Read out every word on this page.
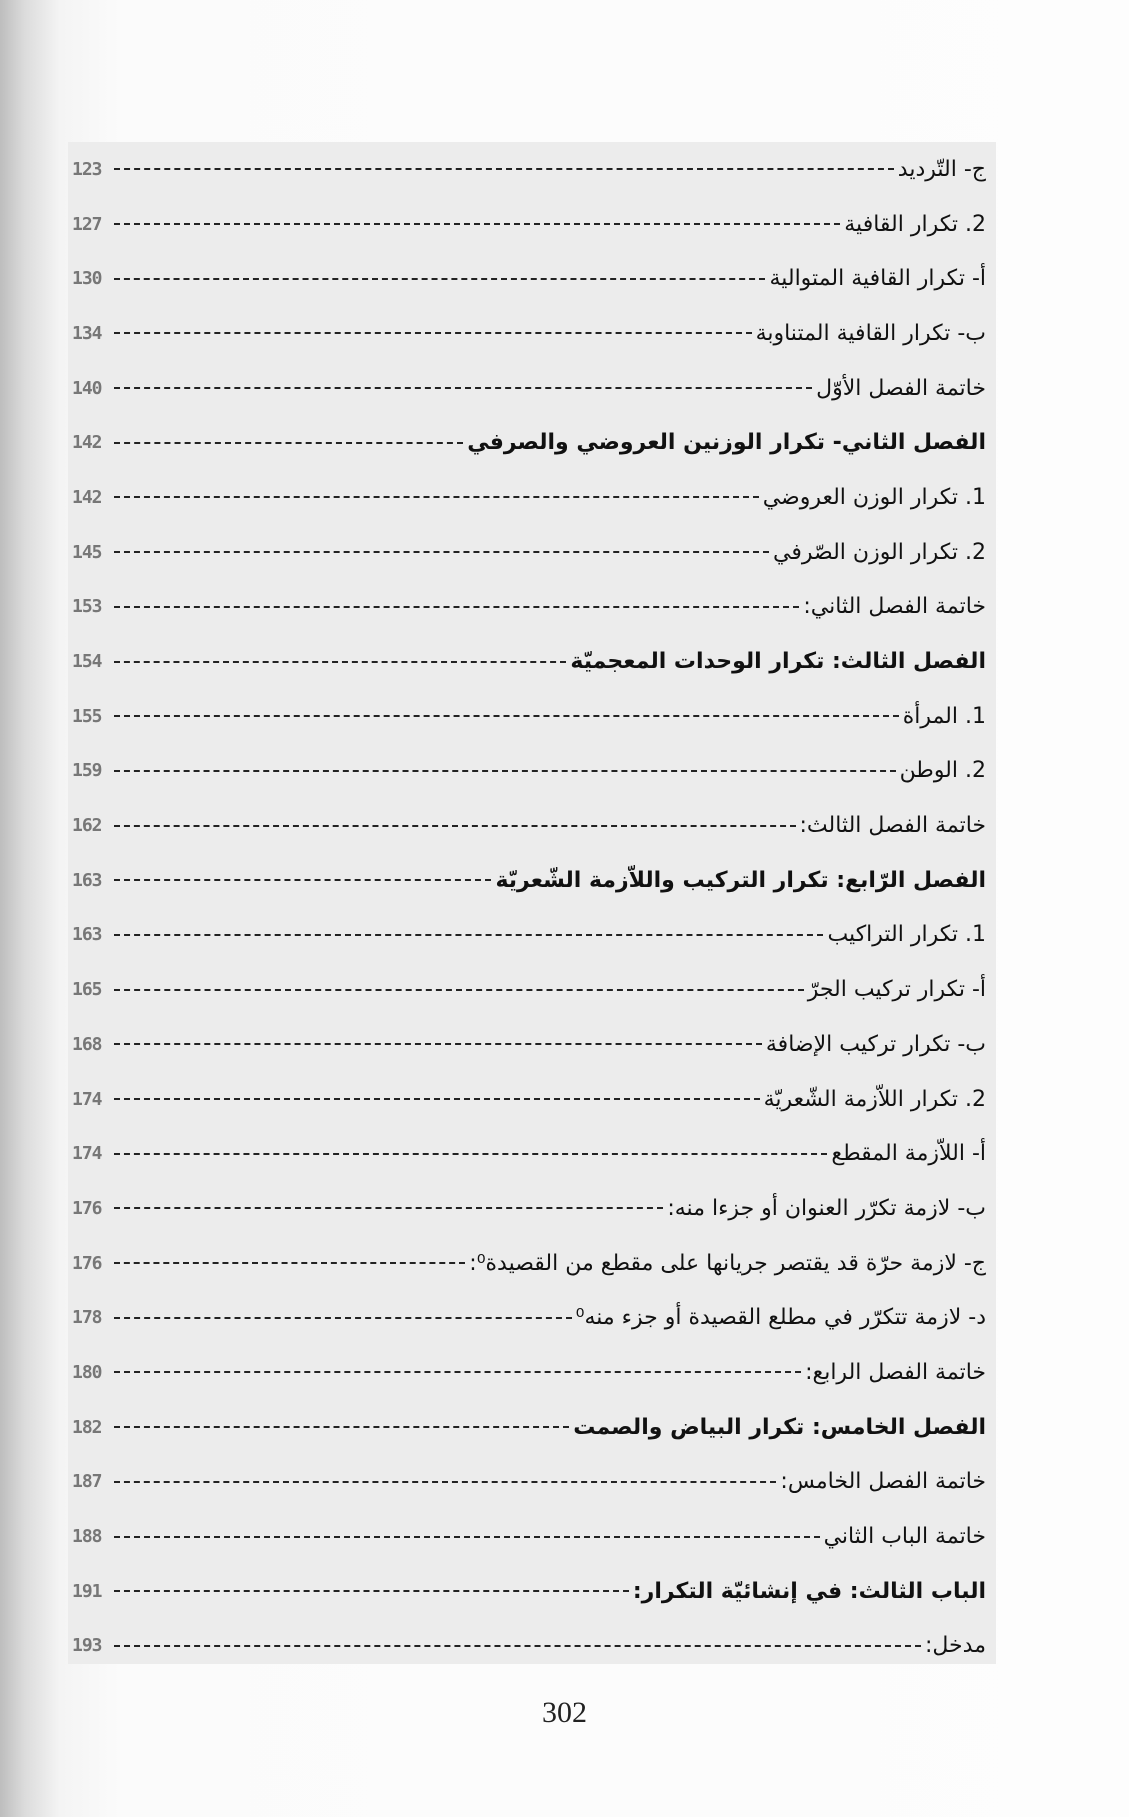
ج- التّرديد
123
2. تكرار القافية
127
أ- تكرار القافية المتوالية
130
ب- تكرار القافية المتناوبة
134
خاتمة الفصل الأوّل
140
الفصل الثاني- تكرار الوزنين العروضي والصرفي
142
1. تكرار الوزن العروضي
142
2. تكرار الوزن الصّرفي
145
خاتمة الفصل الثاني:
153
الفصل الثالث: تكرار الوحدات المعجميّة
154
1. المرأة
155
2. الوطن
159
خاتمة الفصل الثالث:
162
الفصل الرّابع: تكرار التركيب واللاّزمة الشّعريّة
163
1. تكرار التراكيب
163
أ- تكرار تركيب الجرّ
165
ب- تكرار تركيب الإضافة
168
2. تكرار اللاّزمة الشّعريّة
174
أ- اللاّزمة المقطع
174
ب- لازمة تكرّر العنوان أو جزءا منه:
176
ج- لازمة حرّة قد يقتصر جريانها على مقطع من القصيدة⁰:
176
د- لازمة تتكرّر في مطلع القصيدة أو جزء منه⁰
178
خاتمة الفصل الرابع:
180
الفصل الخامس: تكرار البياض والصمت
182
خاتمة الفصل الخامس:
187
خاتمة الباب الثاني
188
الباب الثالث: في إنشائيّة التكرار:
191
مدخل:
193
302
